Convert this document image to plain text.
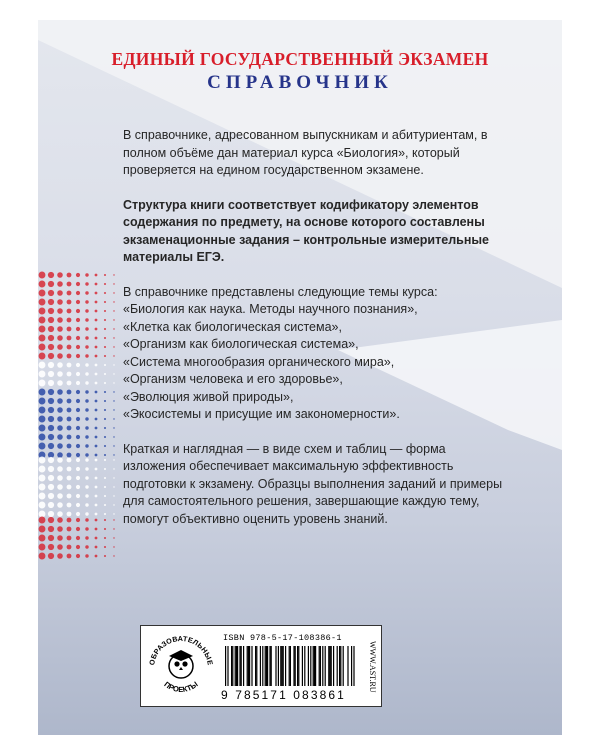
ЕДИНЫЙ ГОСУДАРСТВЕННЫЙ ЭКЗАМЕН
СПРАВОЧНИК

В справочнике, адресованном выпускникам и абитуриентам, в полном объёме дан материал курса «Биология», который проверяется на едином государственном экзамене.

Структура книги соответствует кодификатору элементов содержания по предмету, на основе которого составлены экзаменационные задания – контрольные измерительные материалы ЕГЭ.

В справочнике представлены следующие темы курса:
«Биология как наука. Методы научного познания»,
«Клетка как биологическая система»,
«Организм как биологическая система»,
«Система многообразия органического мира»,
«Организм человека и его здоровье»,
«Эволюция живой природы»,
«Экосистемы и присущие им закономерности».

Краткая и наглядная — в виде схем и таблиц — форма изложения обеспечивает максимальную эффективность подготовки к экзамену. Образцы выполнения заданий и примеры для самостоятельного решения, завершающие каждую тему, помогут объективно оценить уровень знаний.

ОБРАЗОВАТЕЛЬНЫЕ
ПРОЕКТЫ
ISBN 978-5-17-108386-1
9 785171 083861
WWW.AST.RU
